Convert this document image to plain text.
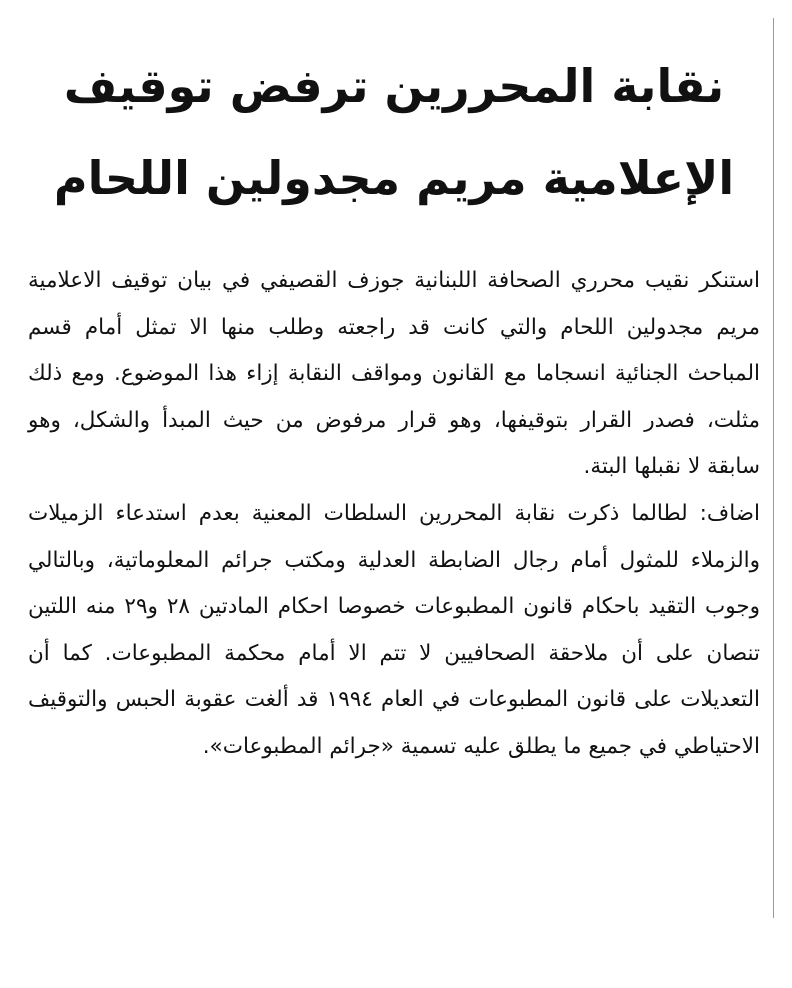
نقابة المحررين ترفض توقيف
الإعلامية مريم مجدولين اللحام

استنكر نقيب محرري الصحافة اللبنانية جوزف القصيفي في بيان توقيف الاعلامية مريم مجدولين اللحام والتي كانت قد راجعته وطلب منها الا تمثل أمام قسم المباحث الجنائية انسجاما مع القانون ومواقف النقابة إزاء هذا الموضوع. ومع ذلك مثلت، فصدر القرار بتوقيفها، وهو قرار مرفوض من حيث المبدأ والشكل، وهو سابقة لا نقبلها البتة.

اضاف: لطالما ذكرت نقابة المحررين السلطات المعنية بعدم استدعاء الزميلات والزملاء للمثول أمام رجال الضابطة العدلية ومكتب جرائم المعلوماتية، وبالتالي وجوب التقيد باحكام قانون المطبوعات خصوصا احكام المادتين ٢٨ و٢٩ منه اللتين تنصان على أن ملاحقة الصحافيين لا تتم الا أمام محكمة المطبوعات. كما أن التعديلات على قانون المطبوعات في العام ١٩٩٤ قد ألغت عقوبة الحبس والتوقيف الاحتياطي في جميع ما يطلق عليه تسمية «جرائم المطبوعات».
